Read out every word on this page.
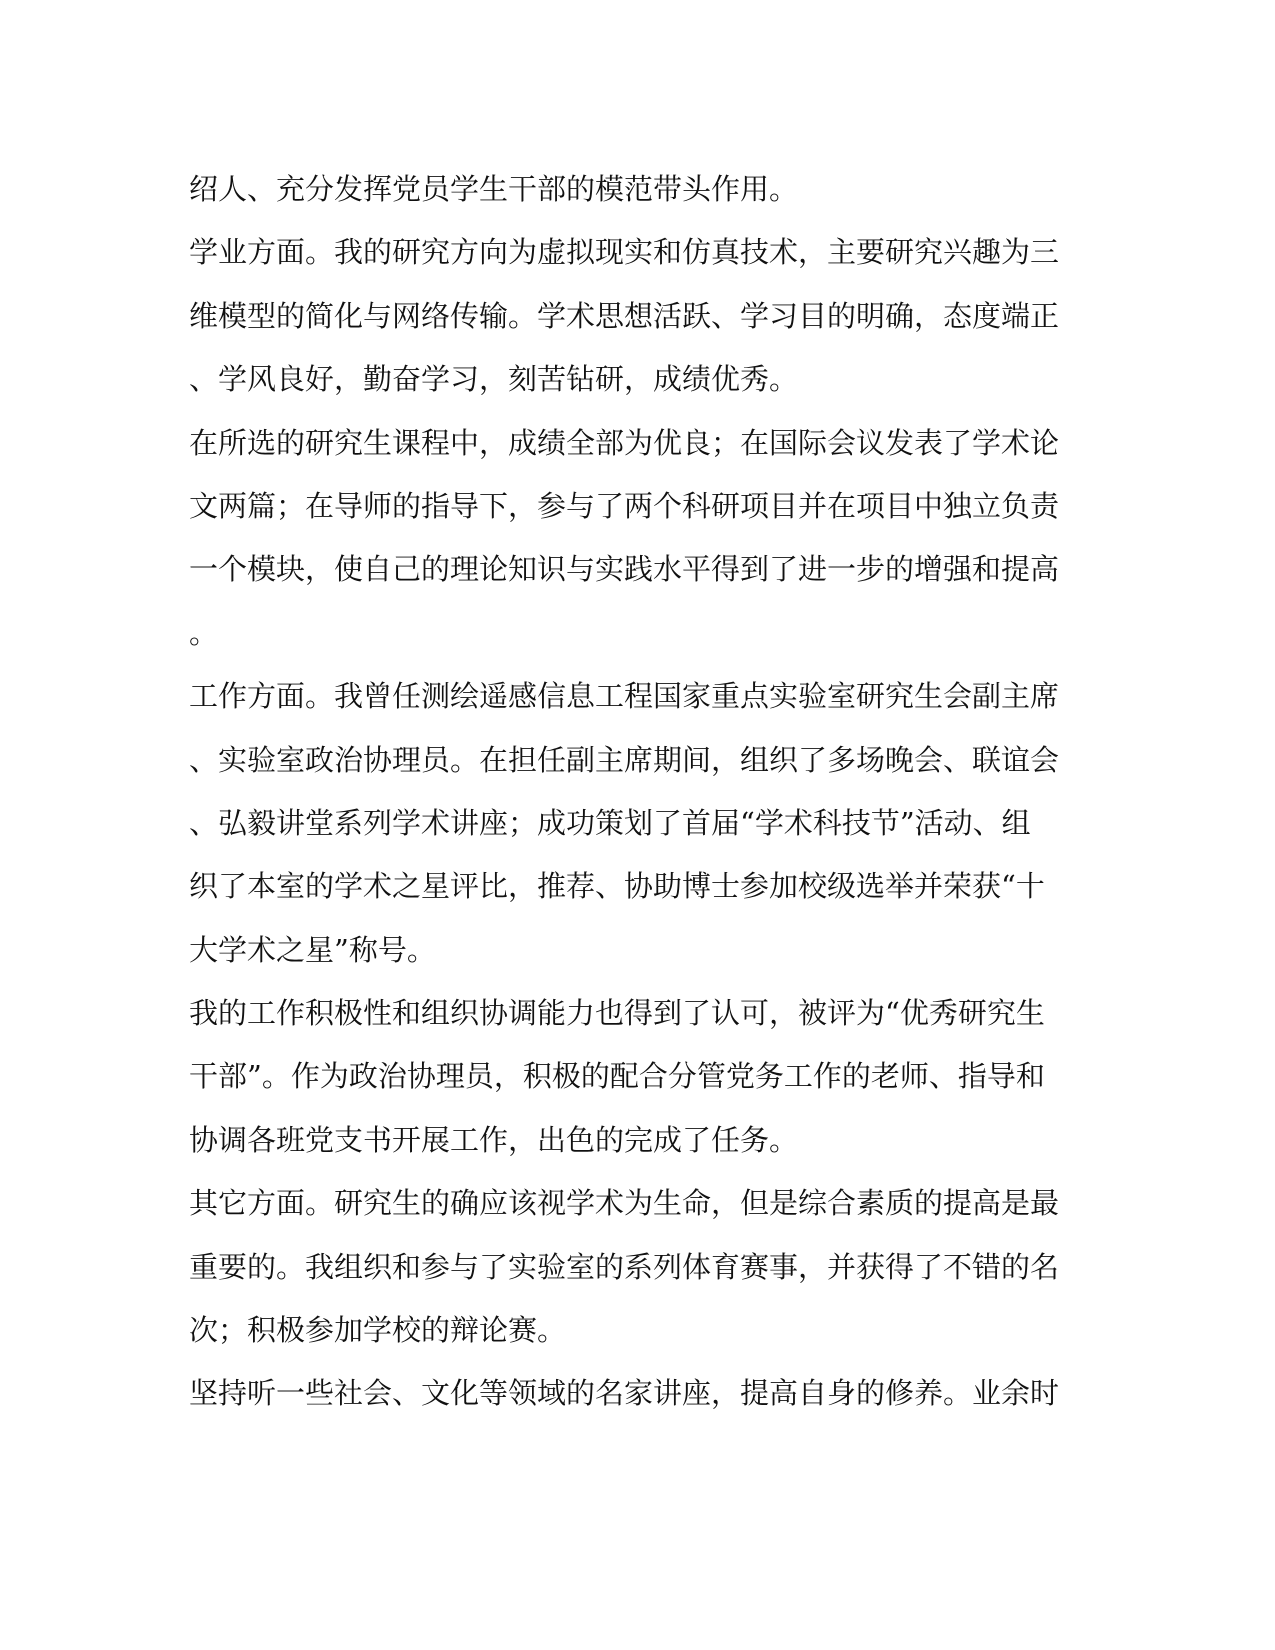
绍人、充分发挥党员学生干部的模范带头作用。
学业方面。我的研究方向为虚拟现实和仿真技术，主要研究兴趣为三
维模型的简化与网络传输。学术思想活跃、学习目的明确，态度端正
、学风良好，勤奋学习，刻苦钻研，成绩优秀。
在所选的研究生课程中，成绩全部为优良；在国际会议发表了学术论
文两篇；在导师的指导下，参与了两个科研项目并在项目中独立负责
一个模块，使自己的理论知识与实践水平得到了进一步的增强和提高
。
工作方面。我曾任测绘遥感信息工程国家重点实验室研究生会副主席
、实验室政治协理员。在担任副主席期间，组织了多场晚会、联谊会
、弘毅讲堂系列学术讲座；成功策划了首届“学术科技节”活动、组
织了本室的学术之星评比，推荐、协助博士参加校级选举并荣获“十
大学术之星”称号。
我的工作积极性和组织协调能力也得到了认可，被评为“优秀研究生
干部”。作为政治协理员，积极的配合分管党务工作的老师、指导和
协调各班党支书开展工作，出色的完成了任务。
其它方面。研究生的确应该视学术为生命，但是综合素质的提高是最
重要的。我组织和参与了实验室的系列体育赛事，并获得了不错的名
次；积极参加学校的辩论赛。
坚持听一些社会、文化等领域的名家讲座，提高自身的修养。业余时
